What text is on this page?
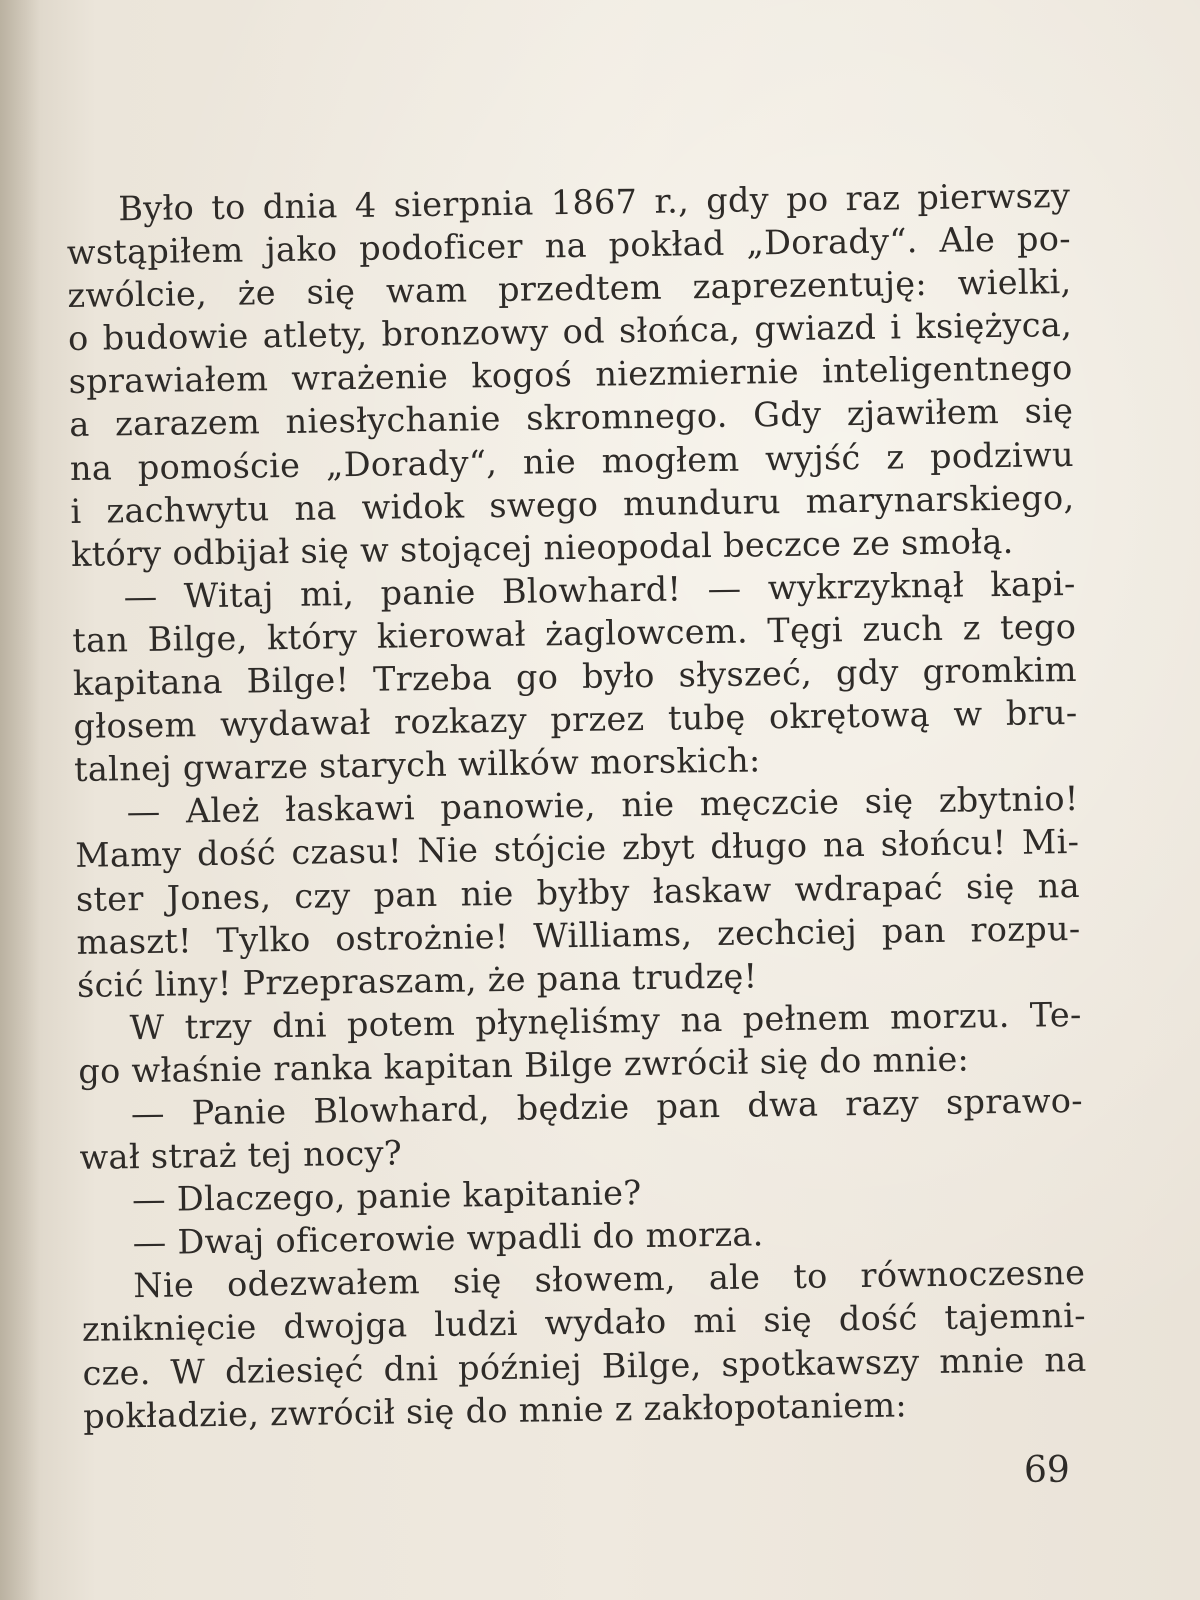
Było to dnia 4 sierpnia 1867 r., gdy po raz pierwszy
wstąpiłem jako podoficer na pokład „Dorady“. Ale po-
zwólcie, że się wam przedtem zaprezentuję: wielki,
o budowie atlety, bronzowy od słońca, gwiazd i księżyca,
sprawiałem wrażenie kogoś niezmiernie inteligentnego
a zarazem niesłychanie skromnego. Gdy zjawiłem się
na pomoście „Dorady“, nie mogłem wyjść z podziwu
i zachwytu na widok swego munduru marynarskiego,
który odbijał się w stojącej nieopodal beczce ze smołą.
— Witaj mi, panie Blowhard! — wykrzyknął kapi-
tan Bilge, który kierował żaglowcem. Tęgi zuch z tego
kapitana Bilge! Trzeba go było słyszeć, gdy gromkim
głosem wydawał rozkazy przez tubę okrętową w bru-
talnej gwarze starych wilków morskich:
— Ależ łaskawi panowie, nie męczcie się zbytnio!
Mamy dość czasu! Nie stójcie zbyt długo na słońcu! Mi-
ster Jones, czy pan nie byłby łaskaw wdrapać się na
maszt! Tylko ostrożnie! Williams, zechciej pan rozpu-
ścić liny! Przepraszam, że pana trudzę!
W trzy dni potem płynęliśmy na pełnem morzu. Te-
go właśnie ranka kapitan Bilge zwrócił się do mnie:
— Panie Blowhard, będzie pan dwa razy sprawo-
wał straż tej nocy?
— Dlaczego, panie kapitanie?
— Dwaj oficerowie wpadli do morza.
Nie odezwałem się słowem, ale to równoczesne
zniknięcie dwojga ludzi wydało mi się dość tajemni-
cze. W dziesięć dni później Bilge, spotkawszy mnie na
pokładzie, zwrócił się do mnie z zakłopotaniem:
69
